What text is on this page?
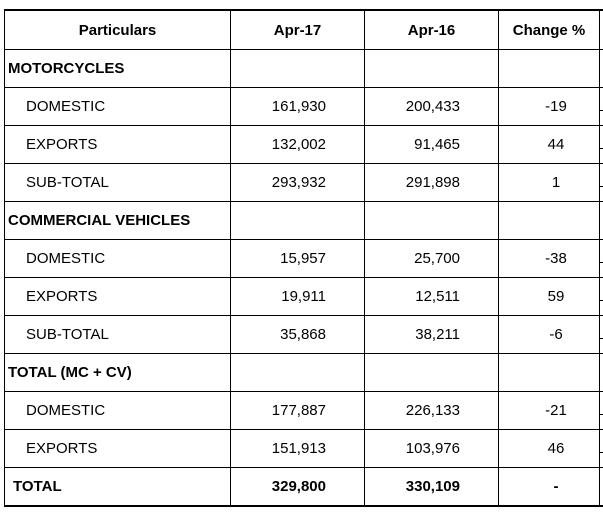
Particulars	Apr-17	Apr-16	Change %	
MOTORCYCLES				
DOMESTIC	161,930	200,433	-19	
EXPORTS	132,002	91,465	44	
SUB-TOTAL	293,932	291,898	1	
COMMERCIAL VEHICLES				
DOMESTIC	15,957	25,700	-38	
EXPORTS	19,911	12,511	59	
SUB-TOTAL	35,868	38,211	-6	
TOTAL (MC + CV)				
DOMESTIC	177,887	226,133	-21	
EXPORTS	151,913	103,976	46	
TOTAL	329,800	330,109	-	
